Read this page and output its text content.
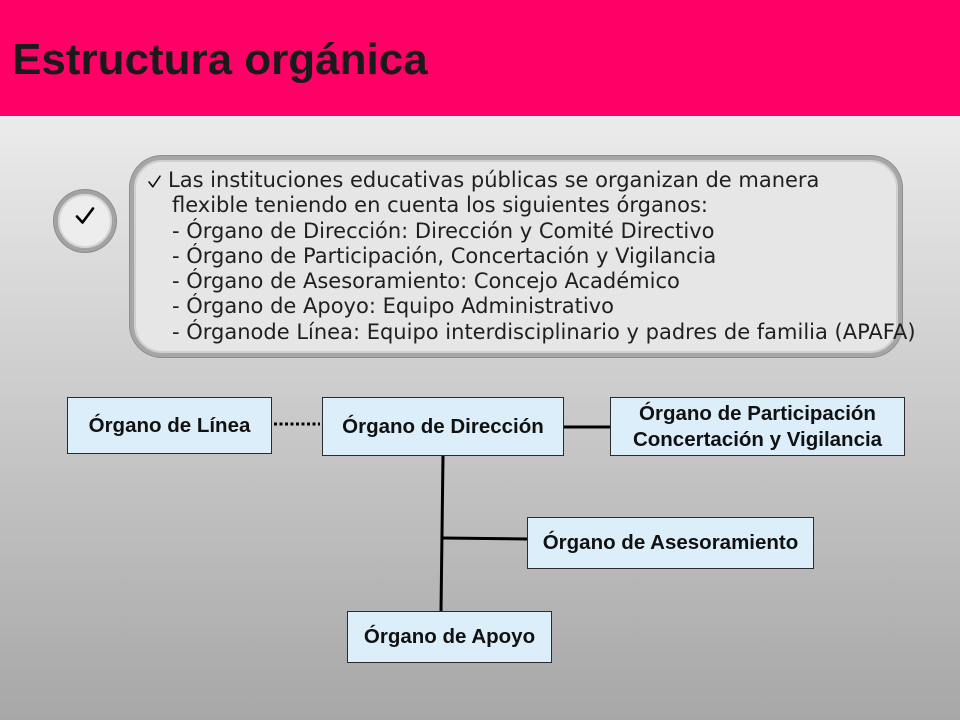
Estructura orgánica
Las instituciones educativas públicas se organizan de manera
flexible teniendo en cuenta los siguientes órganos:
- Órgano de Dirección: Dirección y Comité Directivo
- Órgano de Participación, Concertación y Vigilancia
- Órgano de Asesoramiento: Concejo Académico
- Órgano de Apoyo: Equipo Administrativo
- Órganode Línea: Equipo interdisciplinario y padres de familia (APAFA)
Órgano de Línea	Órgano de Dirección
Órgano de Participación
Concertación y Vigilancia
Órgano de Asesoramiento
Órgano de Apoyo
